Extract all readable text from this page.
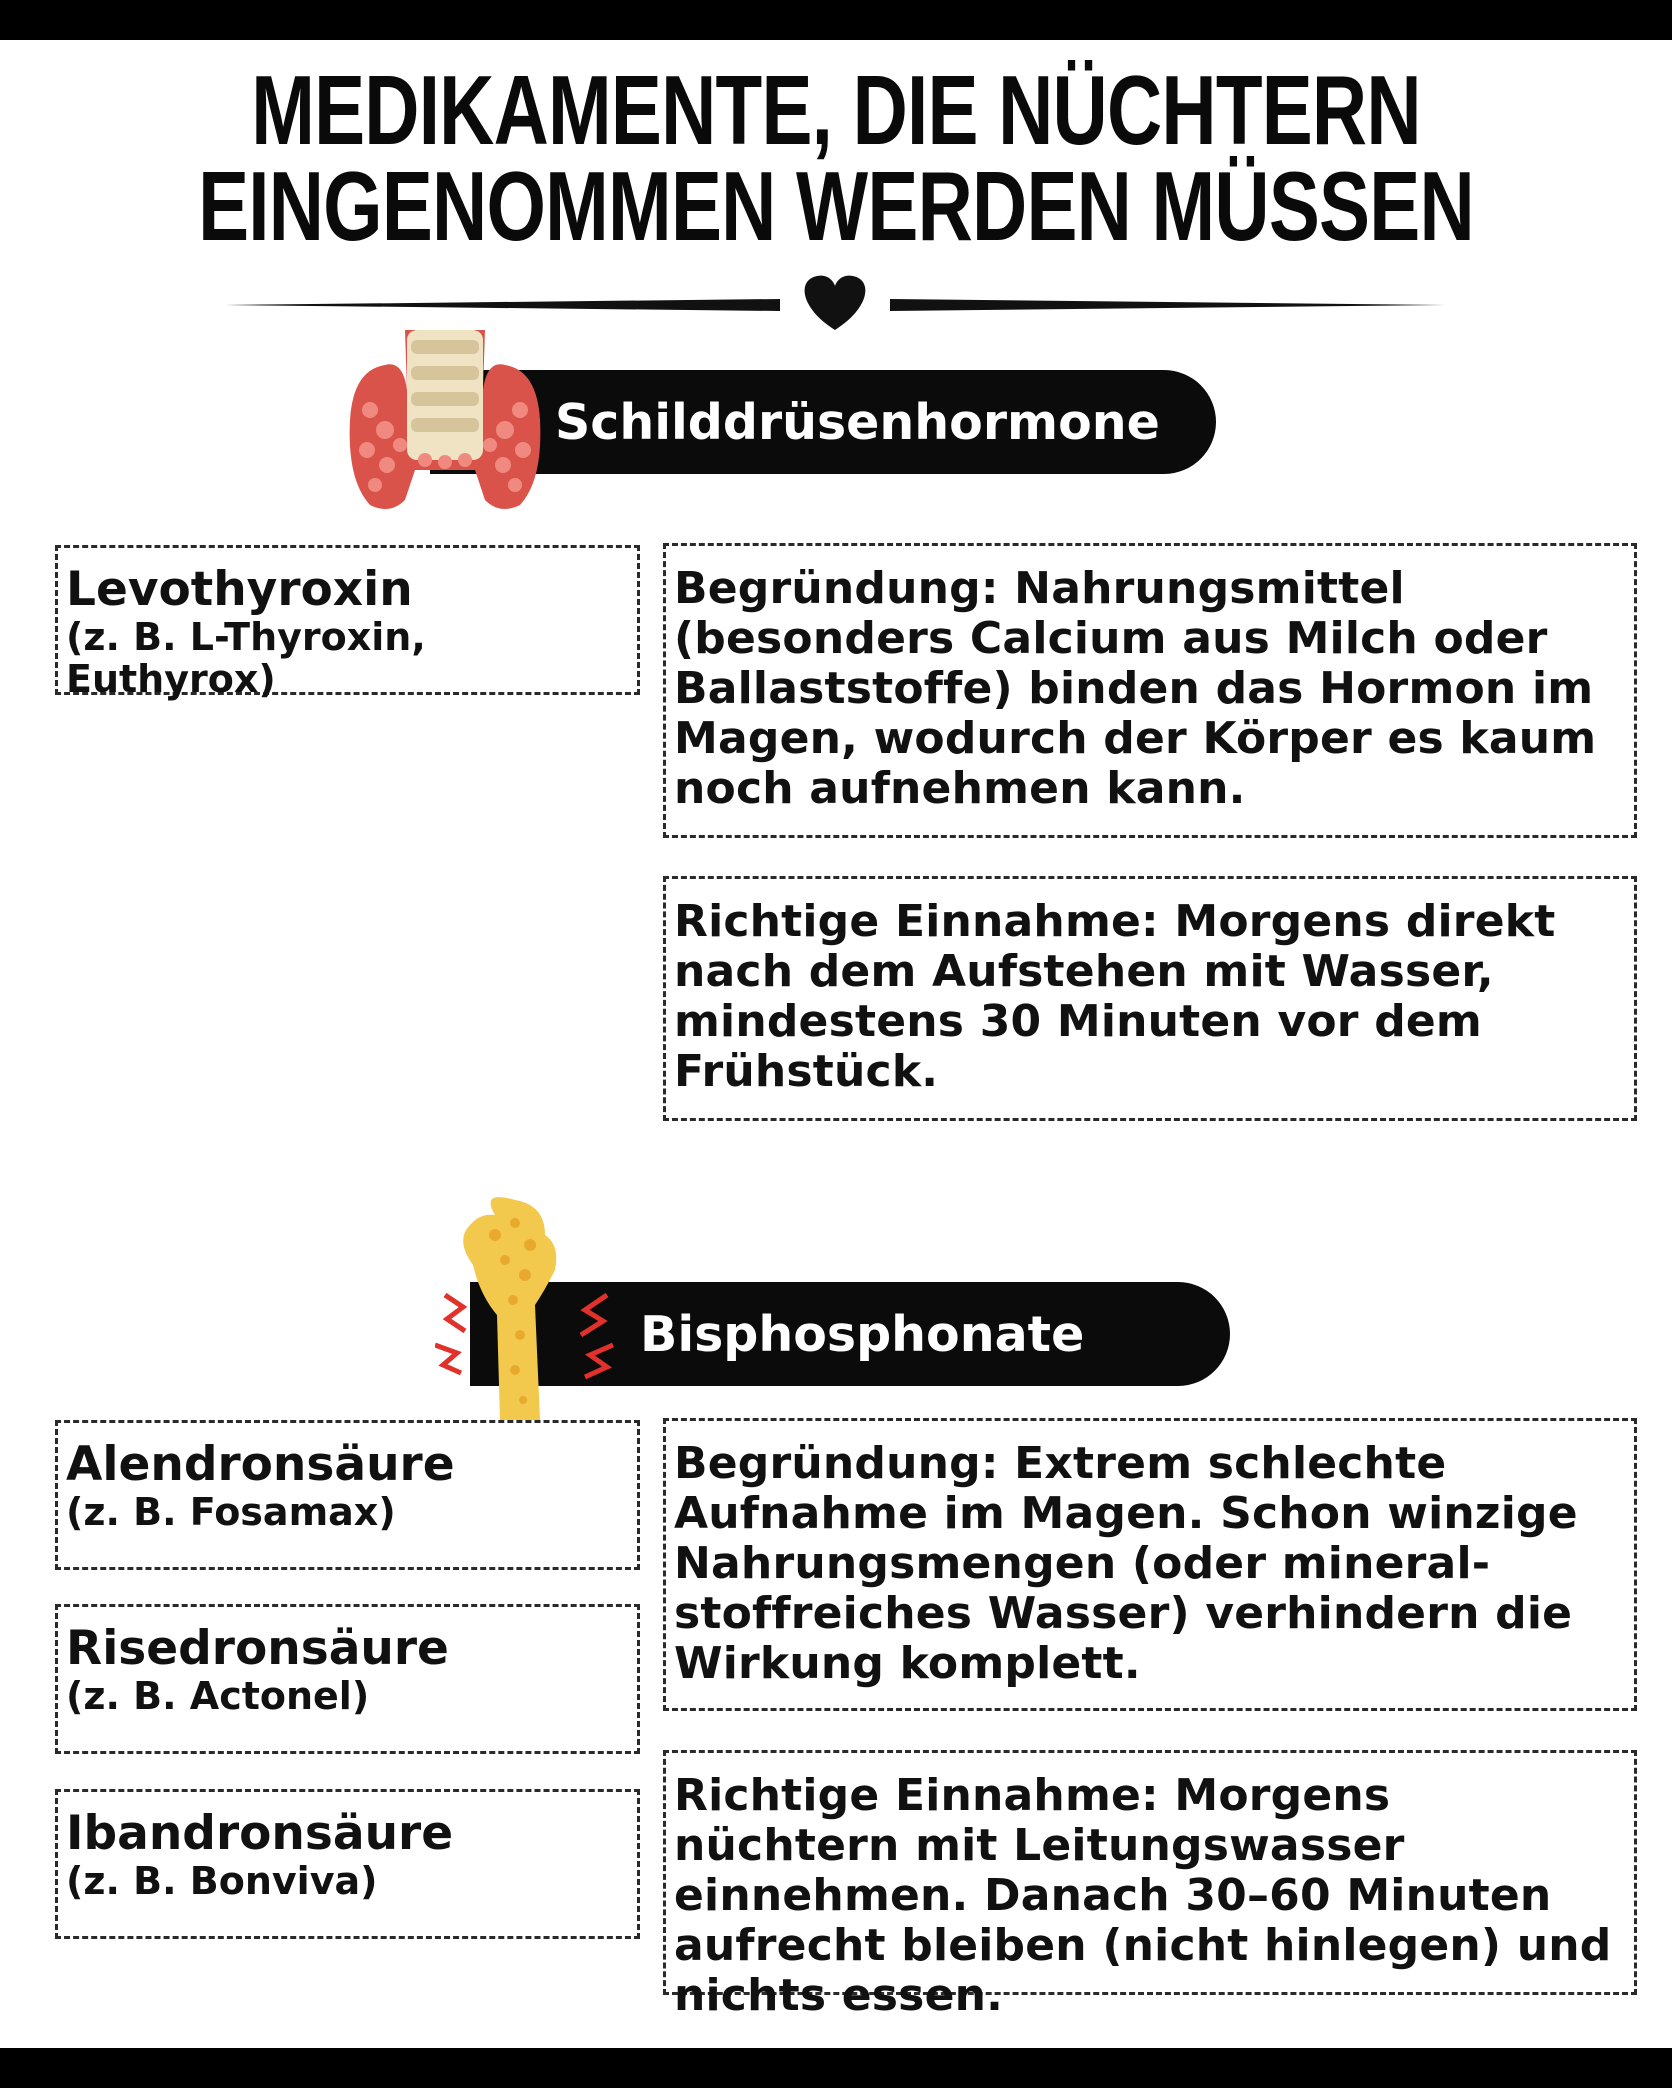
MEDIKAMENTE, DIE NÜCHTERN
EINGENOMMEN WERDEN MÜSSEN
Schilddrüsenhormone
Levothyroxin
(z. B. L-Thyroxin, Euthyrox)
Begründung: Nahrungsmittel (besonders Calcium aus Milch oder Ballaststoffe) binden das Hormon im Magen, wodurch der Körper es kaum noch aufnehmen kann.
Richtige Einnahme: Morgens direkt nach dem Aufstehen mit Wasser, mindestens 30 Minuten vor dem Frühstück.
Bisphosphonate
Alendronsäure
(z. B. Fosamax)
Risedronsäure
(z. B. Actonel)
Ibandronsäure
(z. B. Bonviva)
Begründung: Extrem schlechte Aufnahme im Magen. Schon winzige Nahrungsmengen (oder mineral-stoffreiches Wasser) verhindern die Wirkung komplett.
Richtige Einnahme: Morgens nüchtern mit Leitungswasser einnehmen. Danach 30–60 Minuten aufrecht bleiben (nicht hinlegen) und nichts essen.
